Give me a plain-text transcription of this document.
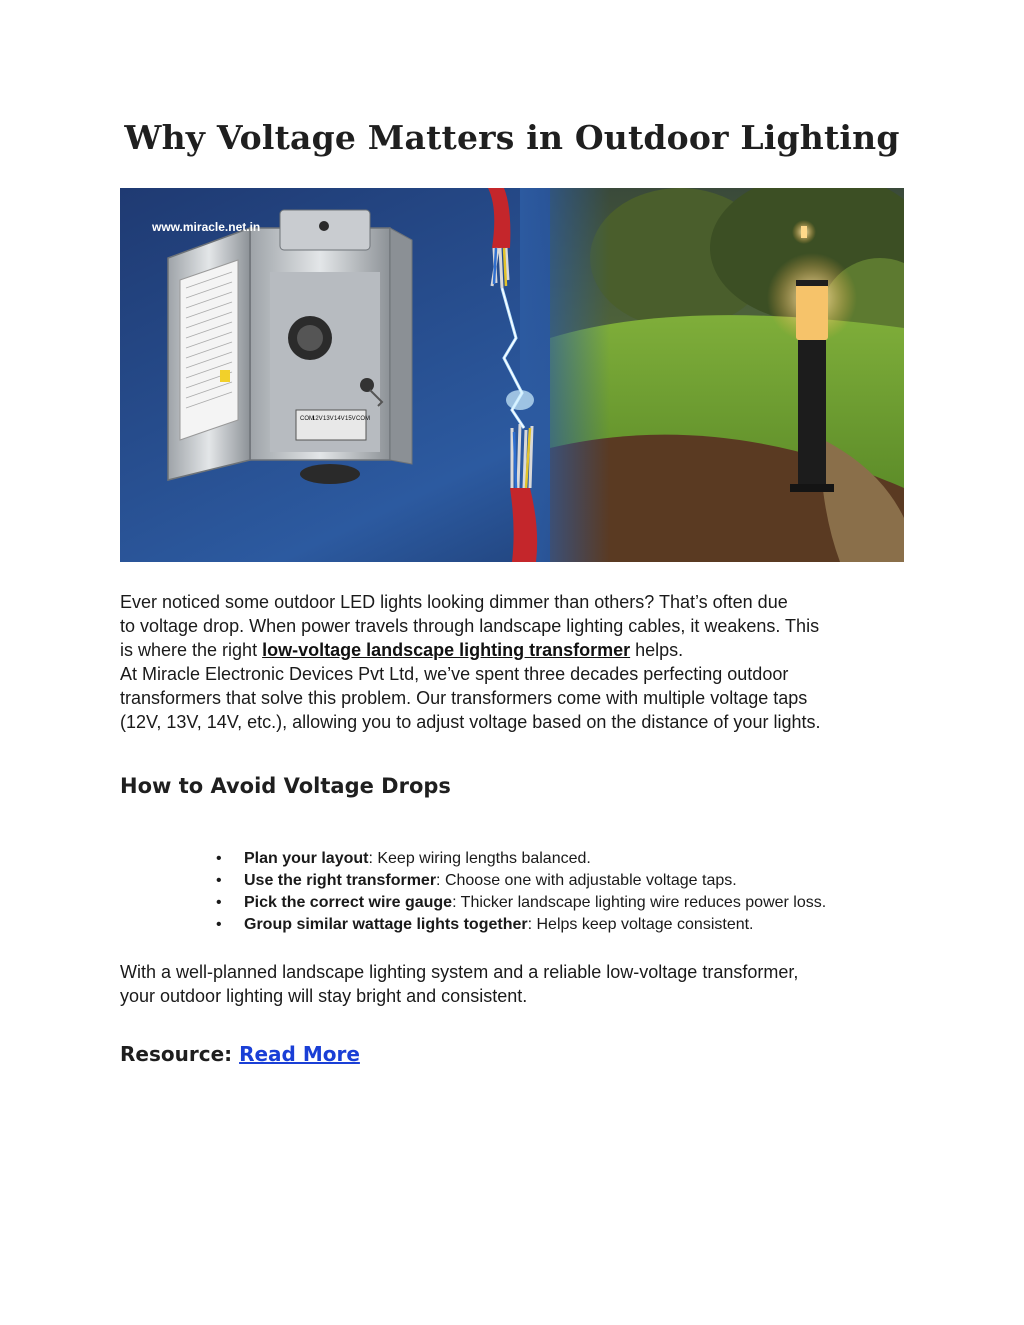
Why Voltage Matters in Outdoor Lighting
COM
12V 13V 14V 15V COM
www.miracle.net.in

Ever noticed some outdoor LED lights looking dimmer than others? That’s often due
to voltage drop. When power travels through landscape lighting cables, it weakens. This
is where the right low-voltage landscape lighting transformer helps.
At Miracle Electronic Devices Pvt Ltd, we’ve spent three decades perfecting outdoor
transformers that solve this problem. Our transformers come with multiple voltage taps
(12V, 13V, 14V, etc.), allowing you to adjust voltage based on the distance of your lights.

How to Avoid Voltage Drops
• Plan your layout: Keep wiring lengths balanced.
• Use the right transformer: Choose one with adjustable voltage taps.
• Pick the correct wire gauge: Thicker landscape lighting wire reduces power loss.
• Group similar wattage lights together: Helps keep voltage consistent.

With a well-planned landscape lighting system and a reliable low-voltage transformer,
your outdoor lighting will stay bright and consistent.

Resource: Read More
